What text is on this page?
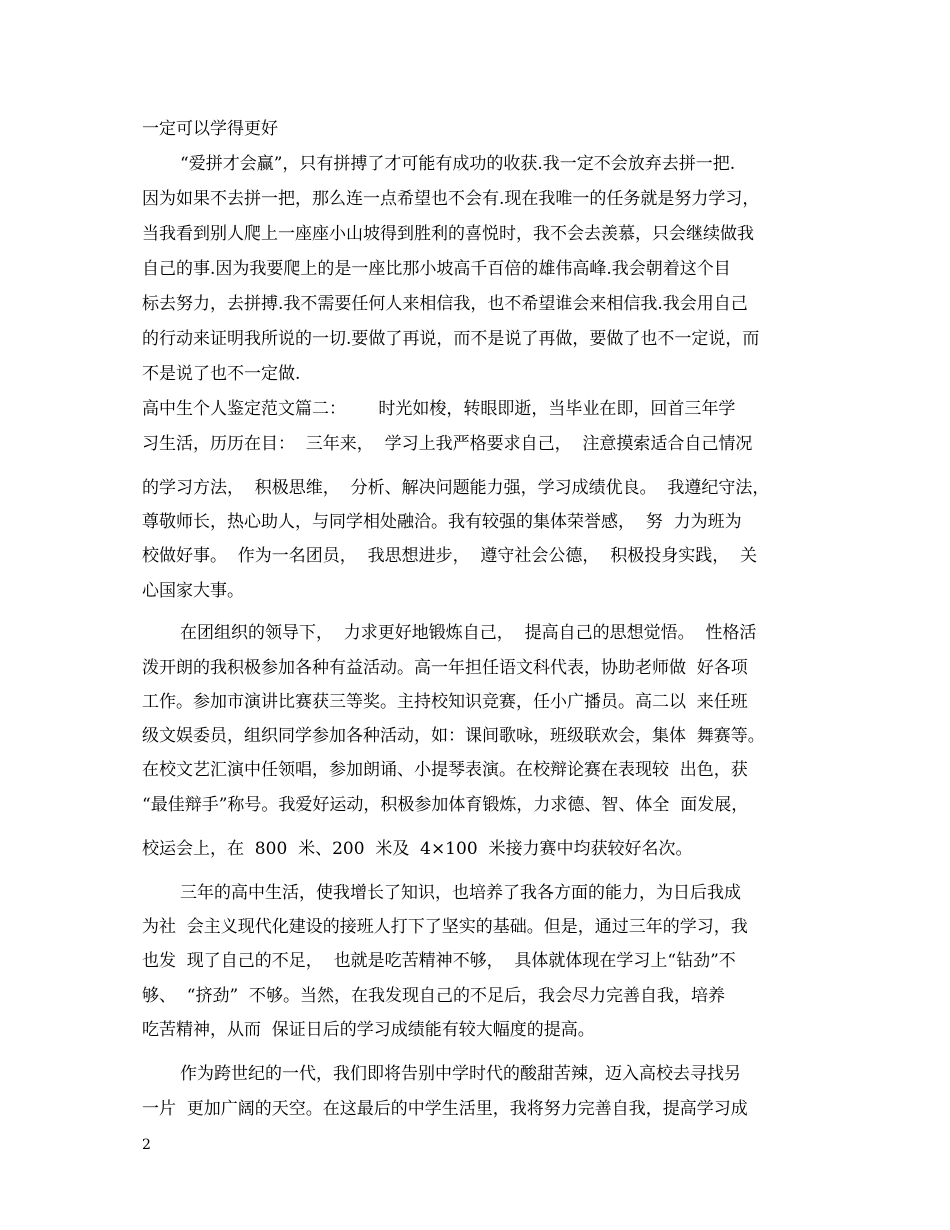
一定可以学得更好
“爱拼才会赢”，只有拼搏了才可能有成功的收获.我一定不会放弃去拼一把.
因为如果不去拼一把，那么连一点希望也不会有.现在我唯一的任务就是努力学习，
当我看到别人爬上一座座小山坡得到胜利的喜悦时，我不会去羡慕，只会继续做我
自己的事.因为我要爬上的是一座比那小坡高千百倍的雄伟高峰.我会朝着这个目
标去努力，去拼搏.我不需要任何人来相信我，也不希望谁会来相信我.我会用自己
的行动来证明我所说的一切.要做了再说，而不是说了再做，要做了也不一定说，而
不是说了也不一定做.
高中生个人鉴定范文篇二：      时光如梭，转眼即逝，当毕业在即，回首三年学
习生活，历历在目：  三年来，  学习上我严格要求自己，  注意摸索适合自己情况
的学习方法，  积极思维，  分析、解决问题能力强，学习成绩优良。  我遵纪守法，
尊敬师长，热心助人，与同学相处融洽。我有较强的集体荣誉感，  努  力为班为
校做好事。  作为一名团员，  我思想进步，  遵守社会公德，  积极投身实践，  关
心国家大事。
在团组织的领导下，  力求更好地锻炼自己，  提高自己的思想觉悟。  性格活
泼开朗的我积极参加各种有益活动。高一年担任语文科代表，协助老师做  好各项
工作。参加市演讲比赛获三等奖。主持校知识竞赛，任小广播员。高二以  来任班
级文娱委员，组织同学参加各种活动，如：课间歌咏，班级联欢会，集体  舞赛等。
在校文艺汇演中任领唱，参加朗诵、小提琴表演。在校辩论赛在表现较  出色，获
“最佳辩手”称号。我爱好运动，积极参加体育锻炼，力求德、智、体全  面发展，
校运会上，在  800  米、200  米及  4×100  米接力赛中均获较好名次。
三年的高中生活，使我增长了知识，也培养了我各方面的能力，为日后我成
为社  会主义现代化建设的接班人打下了坚实的基础。但是，通过三年的学习，我
也发  现了自己的不足，  也就是吃苦精神不够，  具体就体现在学习上“钻劲”不
够、  “挤劲”  不够。当然，在我发现自己的不足后，我会尽力完善自我，培养
吃苦精神，从而  保证日后的学习成绩能有较大幅度的提高。
作为跨世纪的一代，我们即将告别中学时代的酸甜苦辣，迈入高校去寻找另
一片  更加广阔的天空。在这最后的中学生活里，我将努力完善自我，提高学习成
2
